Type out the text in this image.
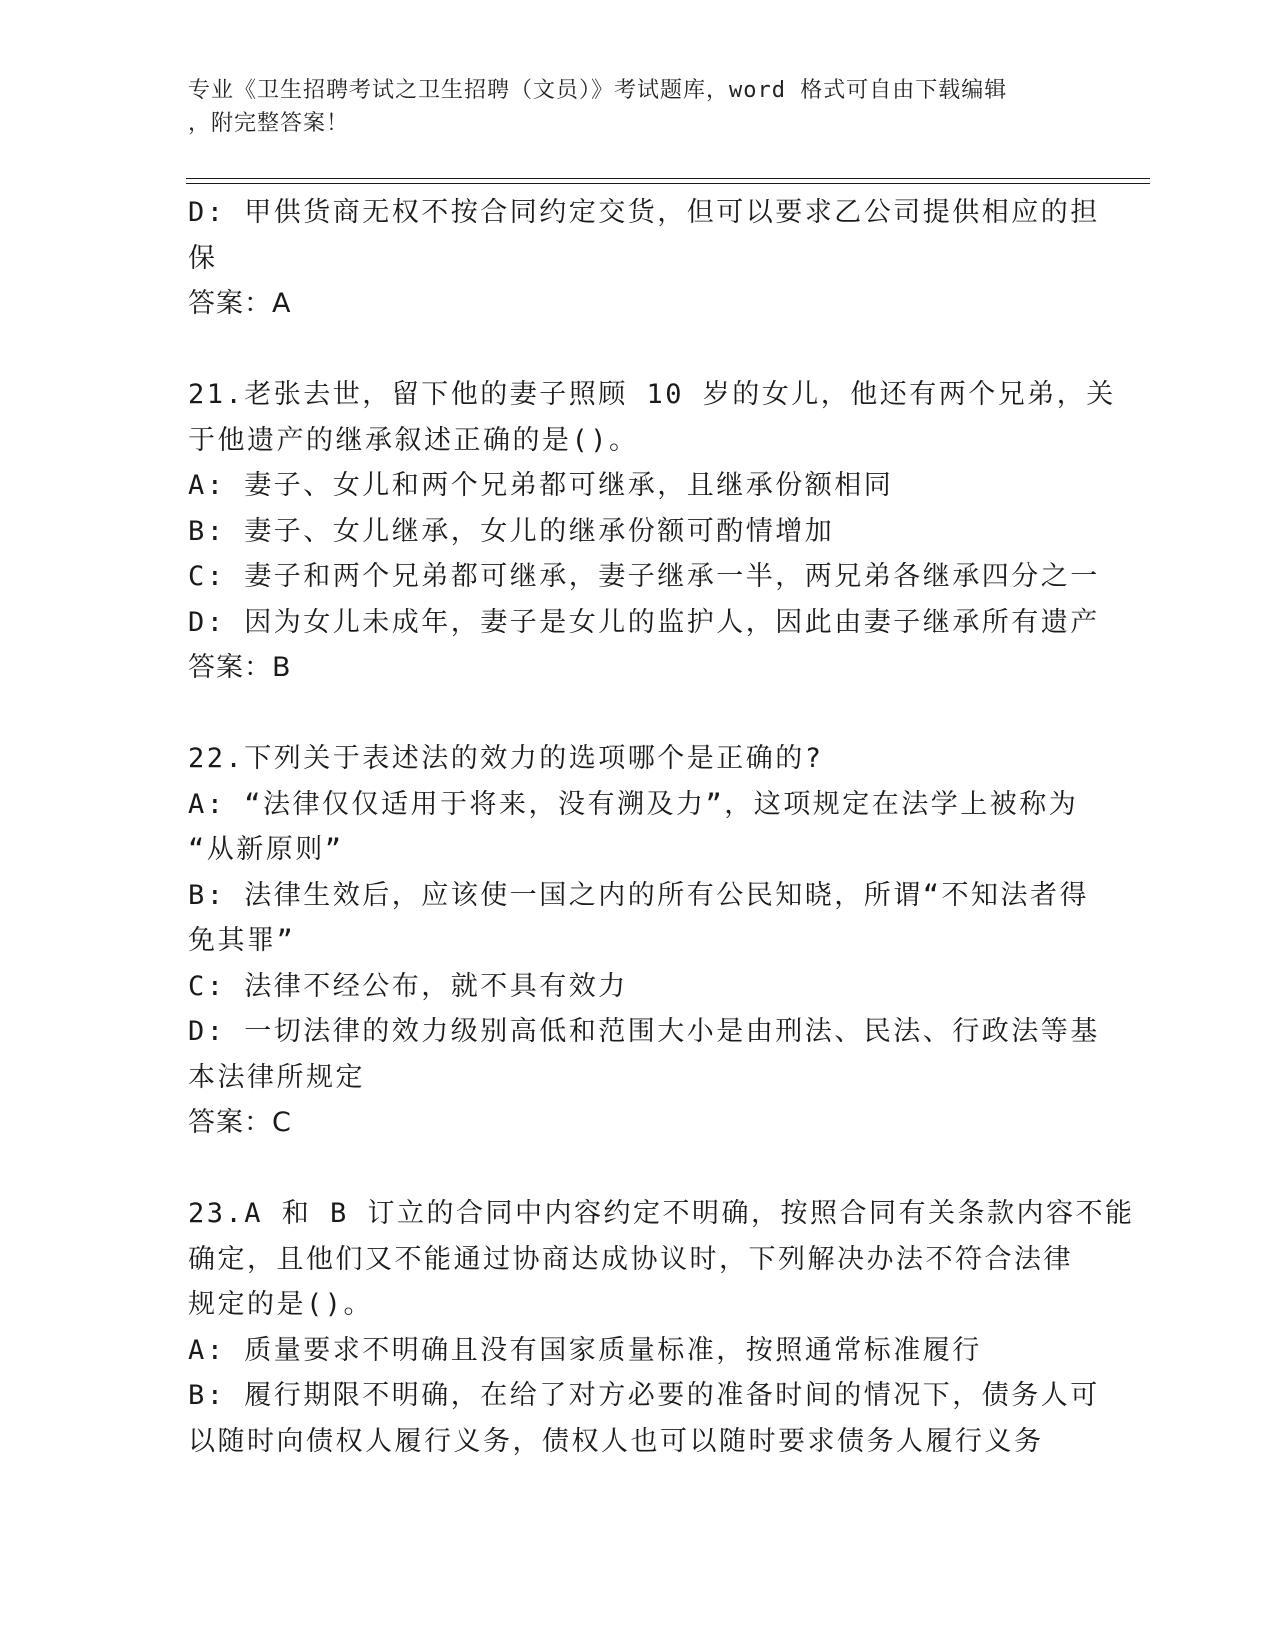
专业《卫生招聘考试之卫生招聘（文员）》考试题库，word 格式可自由下载编辑
，附完整答案！
D: 甲供货商无权不按合同约定交货，但可以要求乙公司提供相应的担
保
答案：A
21.老张去世，留下他的妻子照顾 10 岁的女儿，他还有两个兄弟，关
于他遗产的继承叙述正确的是()。
A: 妻子、女儿和两个兄弟都可继承，且继承份额相同
B: 妻子、女儿继承，女儿的继承份额可酌情增加
C: 妻子和两个兄弟都可继承，妻子继承一半，两兄弟各继承四分之一
D: 因为女儿未成年，妻子是女儿的监护人，因此由妻子继承所有遗产
答案：B
22.下列关于表述法的效力的选项哪个是正确的?
A: “法律仅仅适用于将来，没有溯及力”，这项规定在法学上被称为
“从新原则”
B: 法律生效后，应该使一国之内的所有公民知晓，所谓“不知法者得
免其罪”
C: 法律不经公布，就不具有效力
D: 一切法律的效力级别高低和范围大小是由刑法、民法、行政法等基
本法律所规定
答案：C
23.A 和 B 订立的合同中内容约定不明确，按照合同有关条款内容不能
确定，且他们又不能通过协商达成协议时，下列解决办法不符合法律
规定的是()。
A: 质量要求不明确且没有国家质量标准，按照通常标准履行
B: 履行期限不明确，在给了对方必要的准备时间的情况下，债务人可
以随时向债权人履行义务，债权人也可以随时要求债务人履行义务
